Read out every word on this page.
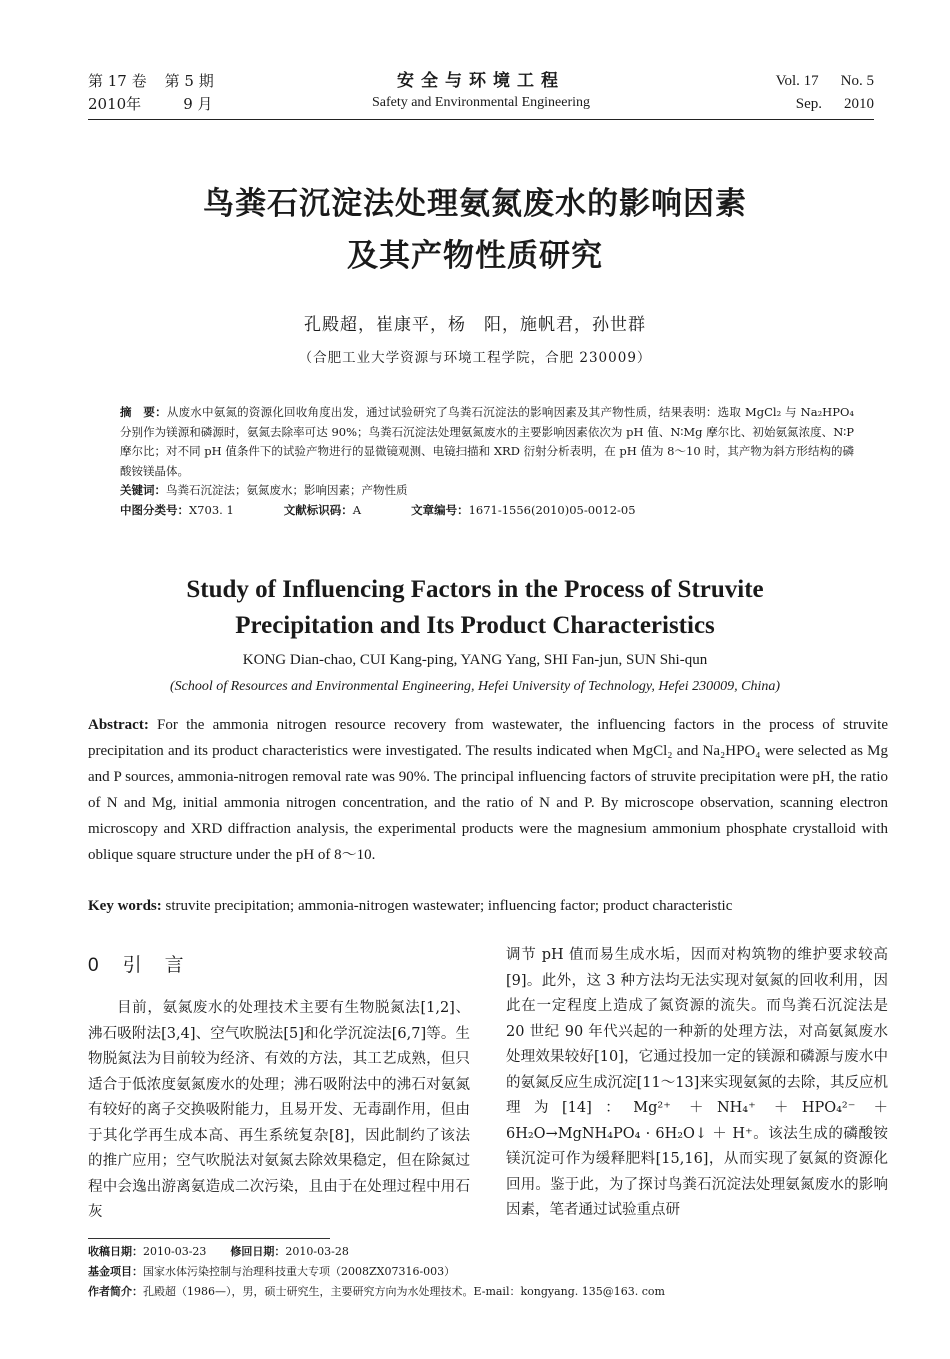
第 17 卷 第 5 期
2010年	9 月
安全与环境工程
Safety and Environmental Engineering
Vol. 17 No. 5
Sep. 2010
鸟粪石沉淀法处理氨氮废水的影响因素
及其产物性质研究
孔殿超，崔康平，杨　阳，施帆君，孙世群
（合肥工业大学资源与环境工程学院，合肥 230009）

摘　要：从废水中氨氮的资源化回收角度出发，通过试验研究了鸟粪石沉淀法的影响因素及其产物性质，结果表明：选取 MgCl₂ 与 Na₂HPO₄ 分别作为镁源和磷源时，氨氮去除率可达 90%；鸟粪石沉淀法处理氨氮废水的主要影响因素依次为 pH 值、N∶Mg 摩尔比、初始氨氮浓度、N∶P 摩尔比；对不同 pH 值条件下的试验产物进行的显微镜观测、电镜扫描和 XRD 衍射分析表明，在 pH 值为 8～10 时，其产物为斜方形结构的磷酸铵镁晶体。

关键词：鸟粪石沉淀法；氨氮废水；影响因素；产物性质

中图分类号：X703. 1	文献标识码：A	文章编号：1671-1556(2010)05-0012-05
Study of Influencing Factors in the Process of Struvite
Precipitation and Its Product Characteristics
KONG Dian-chao, CUI Kang-ping, YANG Yang, SHI Fan-jun, SUN Shi-qun
(School of Resources and Environmental Engineering, Hefei University of Technology, Hefei 230009, China)
Abstract: For the ammonia nitrogen resource recovery from wastewater, the influencing factors in the process of struvite precipitation and its product characteristics were investigated. The results indicated when MgCl₂ and Na₂HPO₄ were selected as Mg and P sources, ammonia-nitrogen removal rate was 90%. The principal influencing factors of struvite precipitation were pH, the ratio of N and Mg, initial ammonia nitrogen concentration, and the ratio of N and P. By microscope observation, scanning electron microscopy and XRD diffraction analysis, the experimental products were the magnesium ammonium phosphate crystalloid with oblique square structure under the pH of 8～10.
Key words: struvite precipitation; ammonia-nitrogen wastewater; influencing factor; product characteristic
0 引　言

目前，氨氮废水的处理技术主要有生物脱氮法[1,2]、沸石吸附法[3,4]、空气吹脱法[5]和化学沉淀法[6,7]等。生物脱氮法为目前较为经济、有效的方法，其工艺成熟，但只适合于低浓度氨氮废水的处理；沸石吸附法中的沸石对氨氮有较好的离子交换吸附能力，且易开发、无毒副作用，但由于其化学再生成本高、再生系统复杂[8]，因此制约了该法的推广应用；空气吹脱法对氨氮去除效果稳定，但在除氮过程中会逸出游离氨造成二次污染，且由于在处理过程中用石灰

调节 pH 值而易生成水垢，因而对构筑物的维护要求较高[9]。此外，这 3 种方法均无法实现对氨氮的回收利用，因此在一定程度上造成了氮资源的流失。而鸟粪石沉淀法是 20 世纪 90 年代兴起的一种新的处理方法，对高氨氮废水处理效果较好[10]，它通过投加一定的镁源和磷源与废水中的氨氮反应生成沉淀[11～13]来实现氨氮的去除，其反应机理为[14]：Mg²⁺ ＋NH₄⁺ ＋HPO₄²⁻ ＋6H₂O→MgNH₄PO₄ · 6H₂O↓ ＋ H⁺。该法生成的磷酸铵镁沉淀可作为缓释肥料[15,16]，从而实现了氨氮的资源化回用。鉴于此，为了探讨鸟粪石沉淀法处理氨氮废水的影响因素，笔者通过试验重点研

收稿日期：2010-03-23 修回日期：2010-03-28
基金项目：国家水体污染控制与治理科技重大专项（2008ZX07316-003）
作者简介：孔殿超（1986—），男，硕士研究生，主要研究方向为水处理技术。E-mail：kongyang. 135@163. com
